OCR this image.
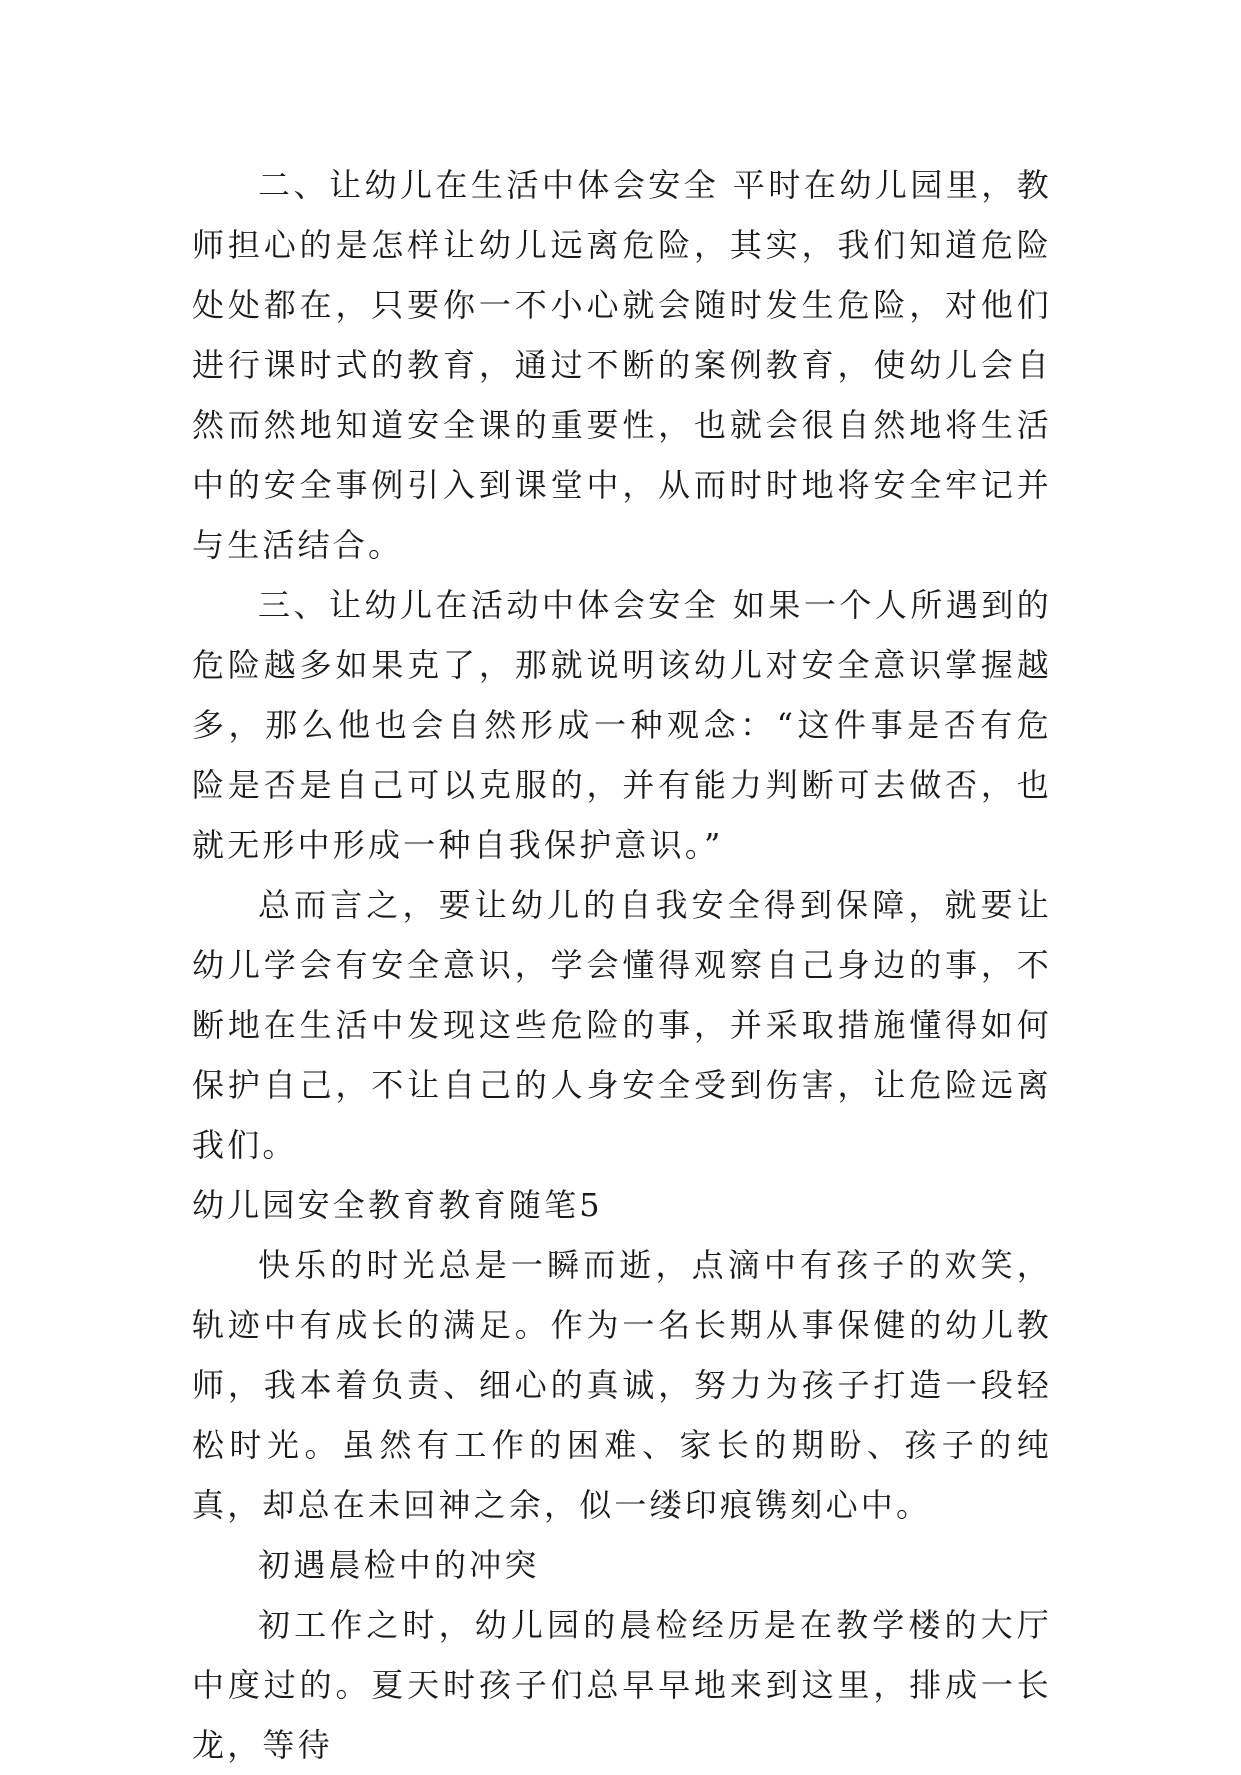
二、让幼儿在生活中体会安全 平时在幼儿园里，教师担心的是怎样让幼儿远离危险，其实，我们知道危险处处都在，只要你一不小心就会随时发生危险，对他们进行课时式的教育，通过不断的案例教育，使幼儿会自然而然地知道安全课的重要性，也就会很自然地将生活中的安全事例引入到课堂中，从而时时地将安全牢记并与生活结合。

三、让幼儿在活动中体会安全 如果一个人所遇到的危险越多如果克了，那就说明该幼儿对安全意识掌握越多，那么他也会自然形成一种观念：“这件事是否有危险是否是自己可以克服的，并有能力判断可去做否，也就无形中形成一种自我保护意识。”

总而言之，要让幼儿的自我安全得到保障，就要让幼儿学会有安全意识，学会懂得观察自己身边的事，不断地在生活中发现这些危险的事，并采取措施懂得如何保护自己，不让自己的人身安全受到伤害，让危险远离我们。

幼儿园安全教育教育随笔5

快乐的时光总是一瞬而逝，点滴中有孩子的欢笑，轨迹中有成长的满足。作为一名长期从事保健的幼儿教师，我本着负责、细心的真诚，努力为孩子打造一段轻松时光。虽然有工作的困难、家长的期盼、孩子的纯真，却总在未回神之余，似一缕印痕镌刻心中。

初遇晨检中的冲突

初工作之时，幼儿园的晨检经历是在教学楼的大厅中度过的。夏天时孩子们总早早地来到这里，排成一长龙，等待
